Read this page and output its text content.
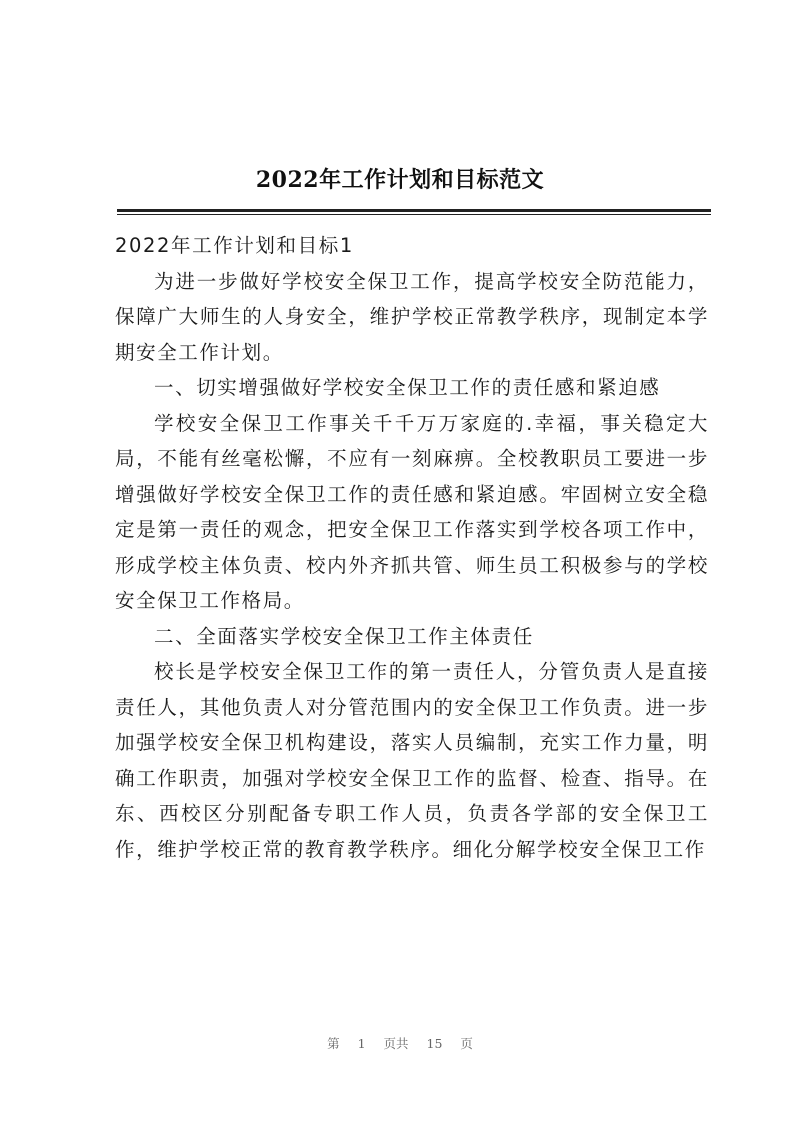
2022年工作计划和目标范文

2022年工作计划和目标1

为进一步做好学校安全保卫工作，提高学校安全防范能力，保障广大师生的人身安全，维护学校正常教学秩序，现制定本学期安全工作计划。

一、切实增强做好学校安全保卫工作的责任感和紧迫感

学校安全保卫工作事关千千万万家庭的.幸福，事关稳定大局，不能有丝毫松懈，不应有一刻麻痹。全校教职员工要进一步增强做好学校安全保卫工作的责任感和紧迫感。牢固树立安全稳定是第一责任的观念，把安全保卫工作落实到学校各项工作中，形成学校主体负责、校内外齐抓共管、师生员工积极参与的学校安全保卫工作格局。

二、全面落实学校安全保卫工作主体责任

校长是学校安全保卫工作的第一责任人，分管负责人是直接责任人，其他负责人对分管范围内的安全保卫工作负责。进一步加强学校安全保卫机构建设，落实人员编制，充实工作力量，明确工作职责，加强对学校安全保卫工作的监督、检查、指导。在东、西校区分别配备专职工作人员，负责各学部的安全保卫工作，维护学校正常的教育教学秩序。细化分解学校安全保卫工作

第 1 页共 15 页
